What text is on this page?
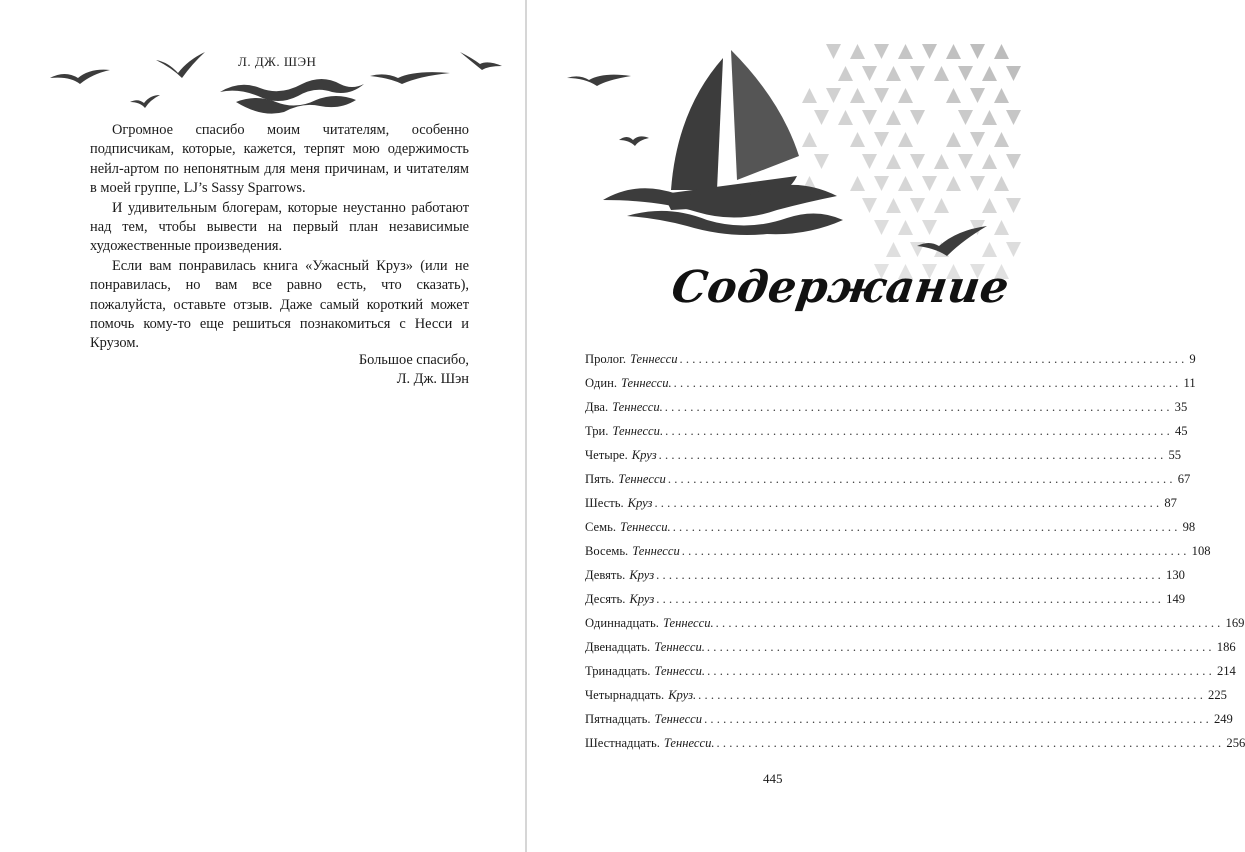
Л. ДЖ. ШЭН

Огромное спасибо моим читателям, особенно подписчикам, которые, кажется, терпят мою одержимость нейл-артом по непонятным для меня причинам, и читателям в моей группе, LJ’s Sassy Sparrows.

И удивительным блогерам, которые неустанно работают над тем, чтобы вывести на первый план независимые художественные произведения.

Если вам понравилась книга «Ужасный Круз» (или не понравилась, но вам все равно есть, что сказать), пожалуйста, оставьте отзыв. Даже самый короткий может помочь кому-то еще решиться познакомиться с Несси и Крузом.

Большое спасибо,
Л. Дж. Шэн
Содержание
Пролог. Теннесси ................................................................................ 9
Один. Теннесси. ................................................................................ 11
Два. Теннесси. ................................................................................ 35
Три. Теннесси. ................................................................................ 45
Четыре. Круз ................................................................................ 55
Пять. Теннесси ................................................................................ 67
Шесть. Круз ................................................................................ 87
Семь. Теннесси. ................................................................................ 98
Восемь. Теннесси ................................................................................ 108
Девять. Круз ................................................................................ 130
Десять. Круз ................................................................................ 149
Одиннадцать. Теннесси. ................................................................................ 169
Двенадцать. Теннесси. ................................................................................ 186
Тринадцать. Теннесси. ................................................................................ 214
Четырнадцать. Круз. ................................................................................ 225
Пятнадцать. Теннесси ................................................................................ 249
Шестнадцать. Теннесси. ................................................................................ 256
445
